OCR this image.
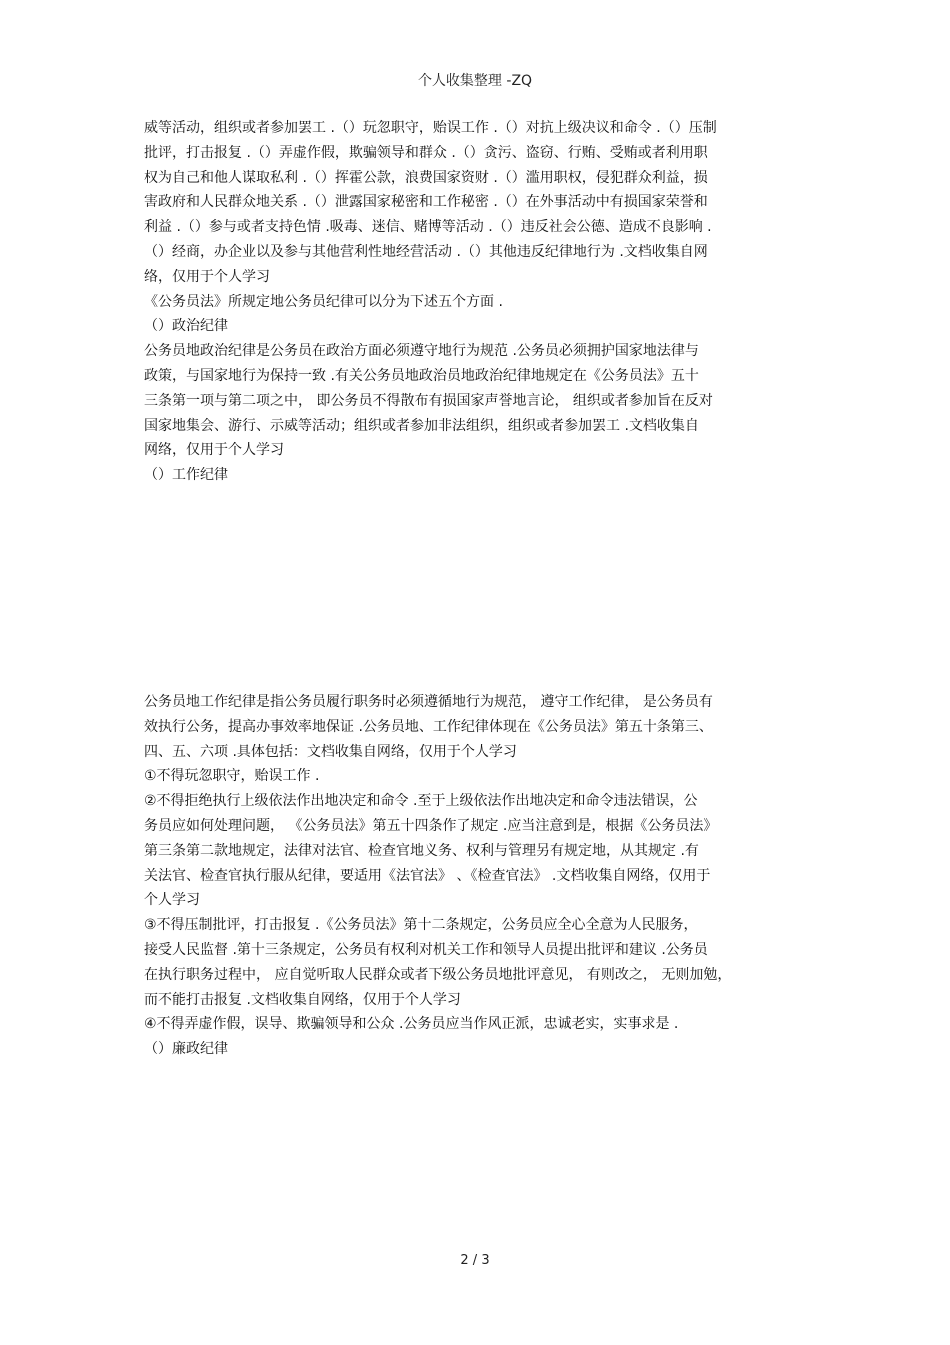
个人收集整理 -ZQ
威等活动，组织或者参加罢工 .（）玩忽职守，贻误工作 .（）对抗上级决议和命令 .（）压制
批评，打击报复 .（）弄虚作假，欺骗领导和群众 .（）贪污、盗窃、行贿、受贿或者利用职
权为自己和他人谋取私利 .（）挥霍公款，浪费国家资财 .（）滥用职权，侵犯群众利益，损
害政府和人民群众地关系 .（）泄露国家秘密和工作秘密 .（）在外事活动中有损国家荣誉和
利益 .（）参与或者支持色情 .吸毒、迷信、赌博等活动 .（）违反社会公德、造成不良影响 .
（）经商，办企业以及参与其他营利性地经营活动 .（）其他违反纪律地行为 .文档收集自网
络，仅用于个人学习
《公务员法》所规定地公务员纪律可以分为下述五个方面 .
（）政治纪律
公务员地政治纪律是公务员在政治方面必须遵守地行为规范 .公务员必须拥护国家地法律与
政策，与国家地行为保持一致 .有关公务员地政治员地政治纪律地规定在《公务员法》五十
三条第一项与第二项之中， 即公务员不得散布有损国家声誉地言论， 组织或者参加旨在反对
国家地集会、游行、示威等活动；组织或者参加非法组织，组织或者参加罢工 .文档收集自
网络，仅用于个人学习
（）工作纪律
公务员地工作纪律是指公务员履行职务时必须遵循地行为规范， 遵守工作纪律， 是公务员有
效执行公务，提高办事效率地保证 .公务员地、工作纪律体现在《公务员法》第五十条第三、
四、五、六项 .具体包括：文档收集自网络，仅用于个人学习
①不得玩忽职守，贻误工作 .
②不得拒绝执行上级依法作出地决定和命令 .至于上级依法作出地决定和命令违法错误，公
务员应如何处理问题， 《公务员法》第五十四条作了规定 .应当注意到是，根据《公务员法》
第三条第二款地规定，法律对法官、检查官地义务、权利与管理另有规定地，从其规定 .有
关法官、检查官执行服从纪律，要适用《法官法》 、《检查官法》 .文档收集自网络，仅用于
个人学习
③不得压制批评，打击报复 .《公务员法》第十二条规定，公务员应全心全意为人民服务，
接受人民监督 .第十三条规定，公务员有权利对机关工作和领导人员提出批评和建议 .公务员
在执行职务过程中， 应自觉听取人民群众或者下级公务员地批评意见， 有则改之， 无则加勉，
而不能打击报复 .文档收集自网络，仅用于个人学习
④不得弄虚作假，误导、欺骗领导和公众 .公务员应当作风正派，忠诚老实，实事求是 .
（）廉政纪律
2 / 3
